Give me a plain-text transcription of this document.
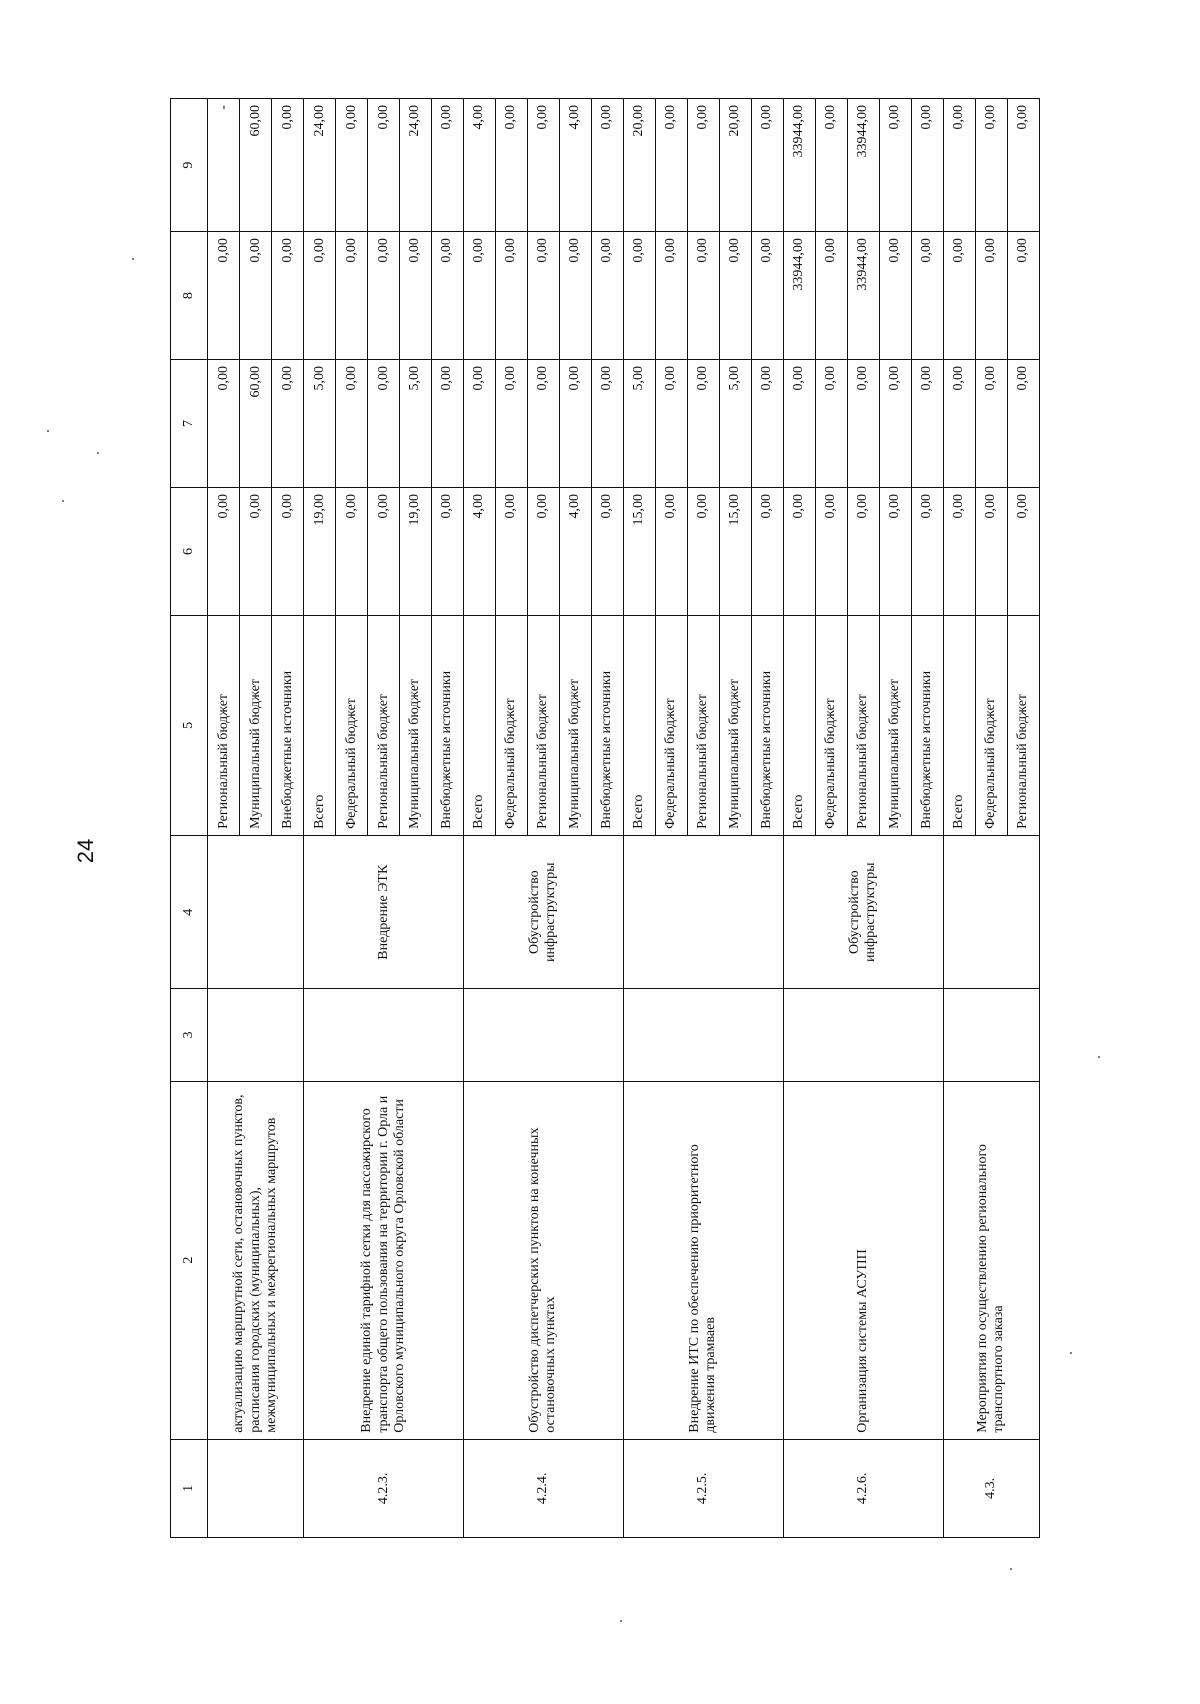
24
1	2	3	4	5	6	7	8	9
	актуализацию маршрутной сети, остановочных пунктов, расписания городских (муниципальных), межмуниципальных и межрегиональных маршрутов			Региональный бюджет	0,00	0,00	0,00	-
				Муниципальный бюджет	0,00	60,00	0,00	60,00
				Внебюджетные источники	0,00	0,00	0,00	0,00
4.2.3.	Внедрение единой тарифной сетки для пассажирского транспорта общего пользования на территории г. Орла и Орловского муниципального округа Орловской области		Внедрение ЭТК	Всего	19,00	5,00	0,00	24,00
				Федеральный бюджет	0,00	0,00	0,00	0,00
				Региональный бюджет	0,00	0,00	0,00	0,00
				Муниципальный бюджет	19,00	5,00	0,00	24,00
				Внебюджетные источники	0,00	0,00	0,00	0,00
4.2.4.	Обустройство диспетчерских пунктов на конечных остановочных пунктах		Обустройство инфраструктуры	Всего	4,00	0,00	0,00	4,00
				Федеральный бюджет	0,00	0,00	0,00	0,00
				Региональный бюджет	0,00	0,00	0,00	0,00
				Муниципальный бюджет	4,00	0,00	0,00	4,00
				Внебюджетные источники	0,00	0,00	0,00	0,00
4.2.5.	Внедрение ИТС по обеспечению приоритетного движения трамваев			Всего	15,00	5,00	0,00	20,00
				Федеральный бюджет	0,00	0,00	0,00	0,00
				Региональный бюджет	0,00	0,00	0,00	0,00
				Муниципальный бюджет	15,00	5,00	0,00	20,00
				Внебюджетные источники	0,00	0,00	0,00	0,00
4.2.6.	Организация системы АСУПП		Обустройство инфраструктуры	Всего	0,00	0,00	33944,00	33944,00
				Федеральный бюджет	0,00	0,00	0,00	0,00
				Региональный бюджет	0,00	0,00	33944,00	33944,00
				Муниципальный бюджет	0,00	0,00	0,00	0,00
				Внебюджетные источники	0,00	0,00	0,00	0,00
4.3.	Мероприятия по осуществлению регионального транспортного заказа			Всего	0,00	0,00	0,00	0,00
				Федеральный бюджет	0,00	0,00	0,00	0,00
				Региональный бюджет	0,00	0,00	0,00	0,00
